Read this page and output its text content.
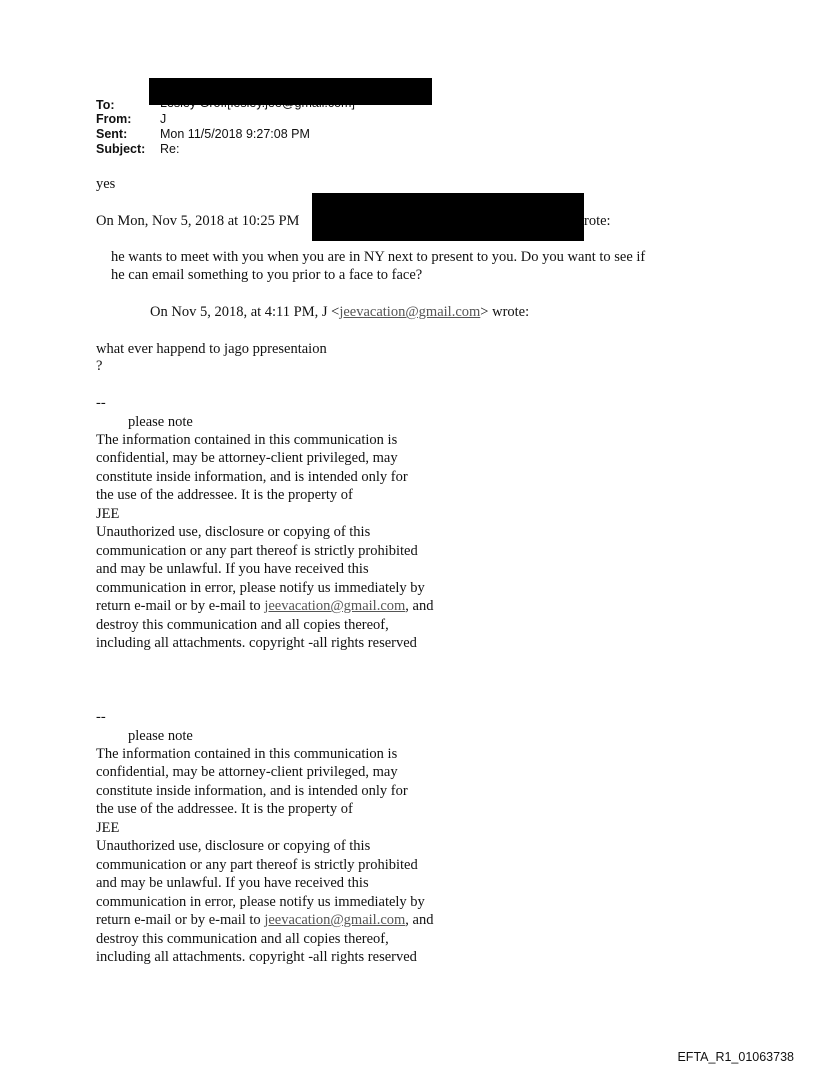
To:
From: J
Sent:	Mon 11/5/2018 9:27:08 PM
Subject: Re:
yes
On Mon, Nov 5, 2018 at 10:25 PM	rote:
he wants to meet with you when you are in NY next to present to you. Do you want to see if
he can email something to you prior to a face to face?
On Nov 5, 2018, at 4:11 PM, J <jeevacation@gmail.com> wrote:
what ever happend to jago ppresentaion
?
--
please note
The information contained in this communication is
confidential, may be attorney-client privileged, may
constitute inside information, and is intended only for
the use of the addressee. It is the property of
JEE
Unauthorized use, disclosure or copying of this
communication or any part thereof is strictly prohibited
and may be unlawful. If you have received this
communication in error, please notify us immediately by
return e-mail or by e-mail to jeevacation@gmail.com, and
destroy this communication and all copies thereof,
including all attachments. copyright -all rights reserved
--
please note
The information contained in this communication is
confidential, may be attorney-client privileged, may
constitute inside information, and is intended only for
the use of the addressee. It is the property of
JEE
Unauthorized use, disclosure or copying of this
communication or any part thereof is strictly prohibited
and may be unlawful. If you have received this
communication in error, please notify us immediately by
return e-mail or by e-mail to jeevacation@gmail.com, and
destroy this communication and all copies thereof,
including all attachments. copyright -all rights reserved
EFTA_R1_01063738
